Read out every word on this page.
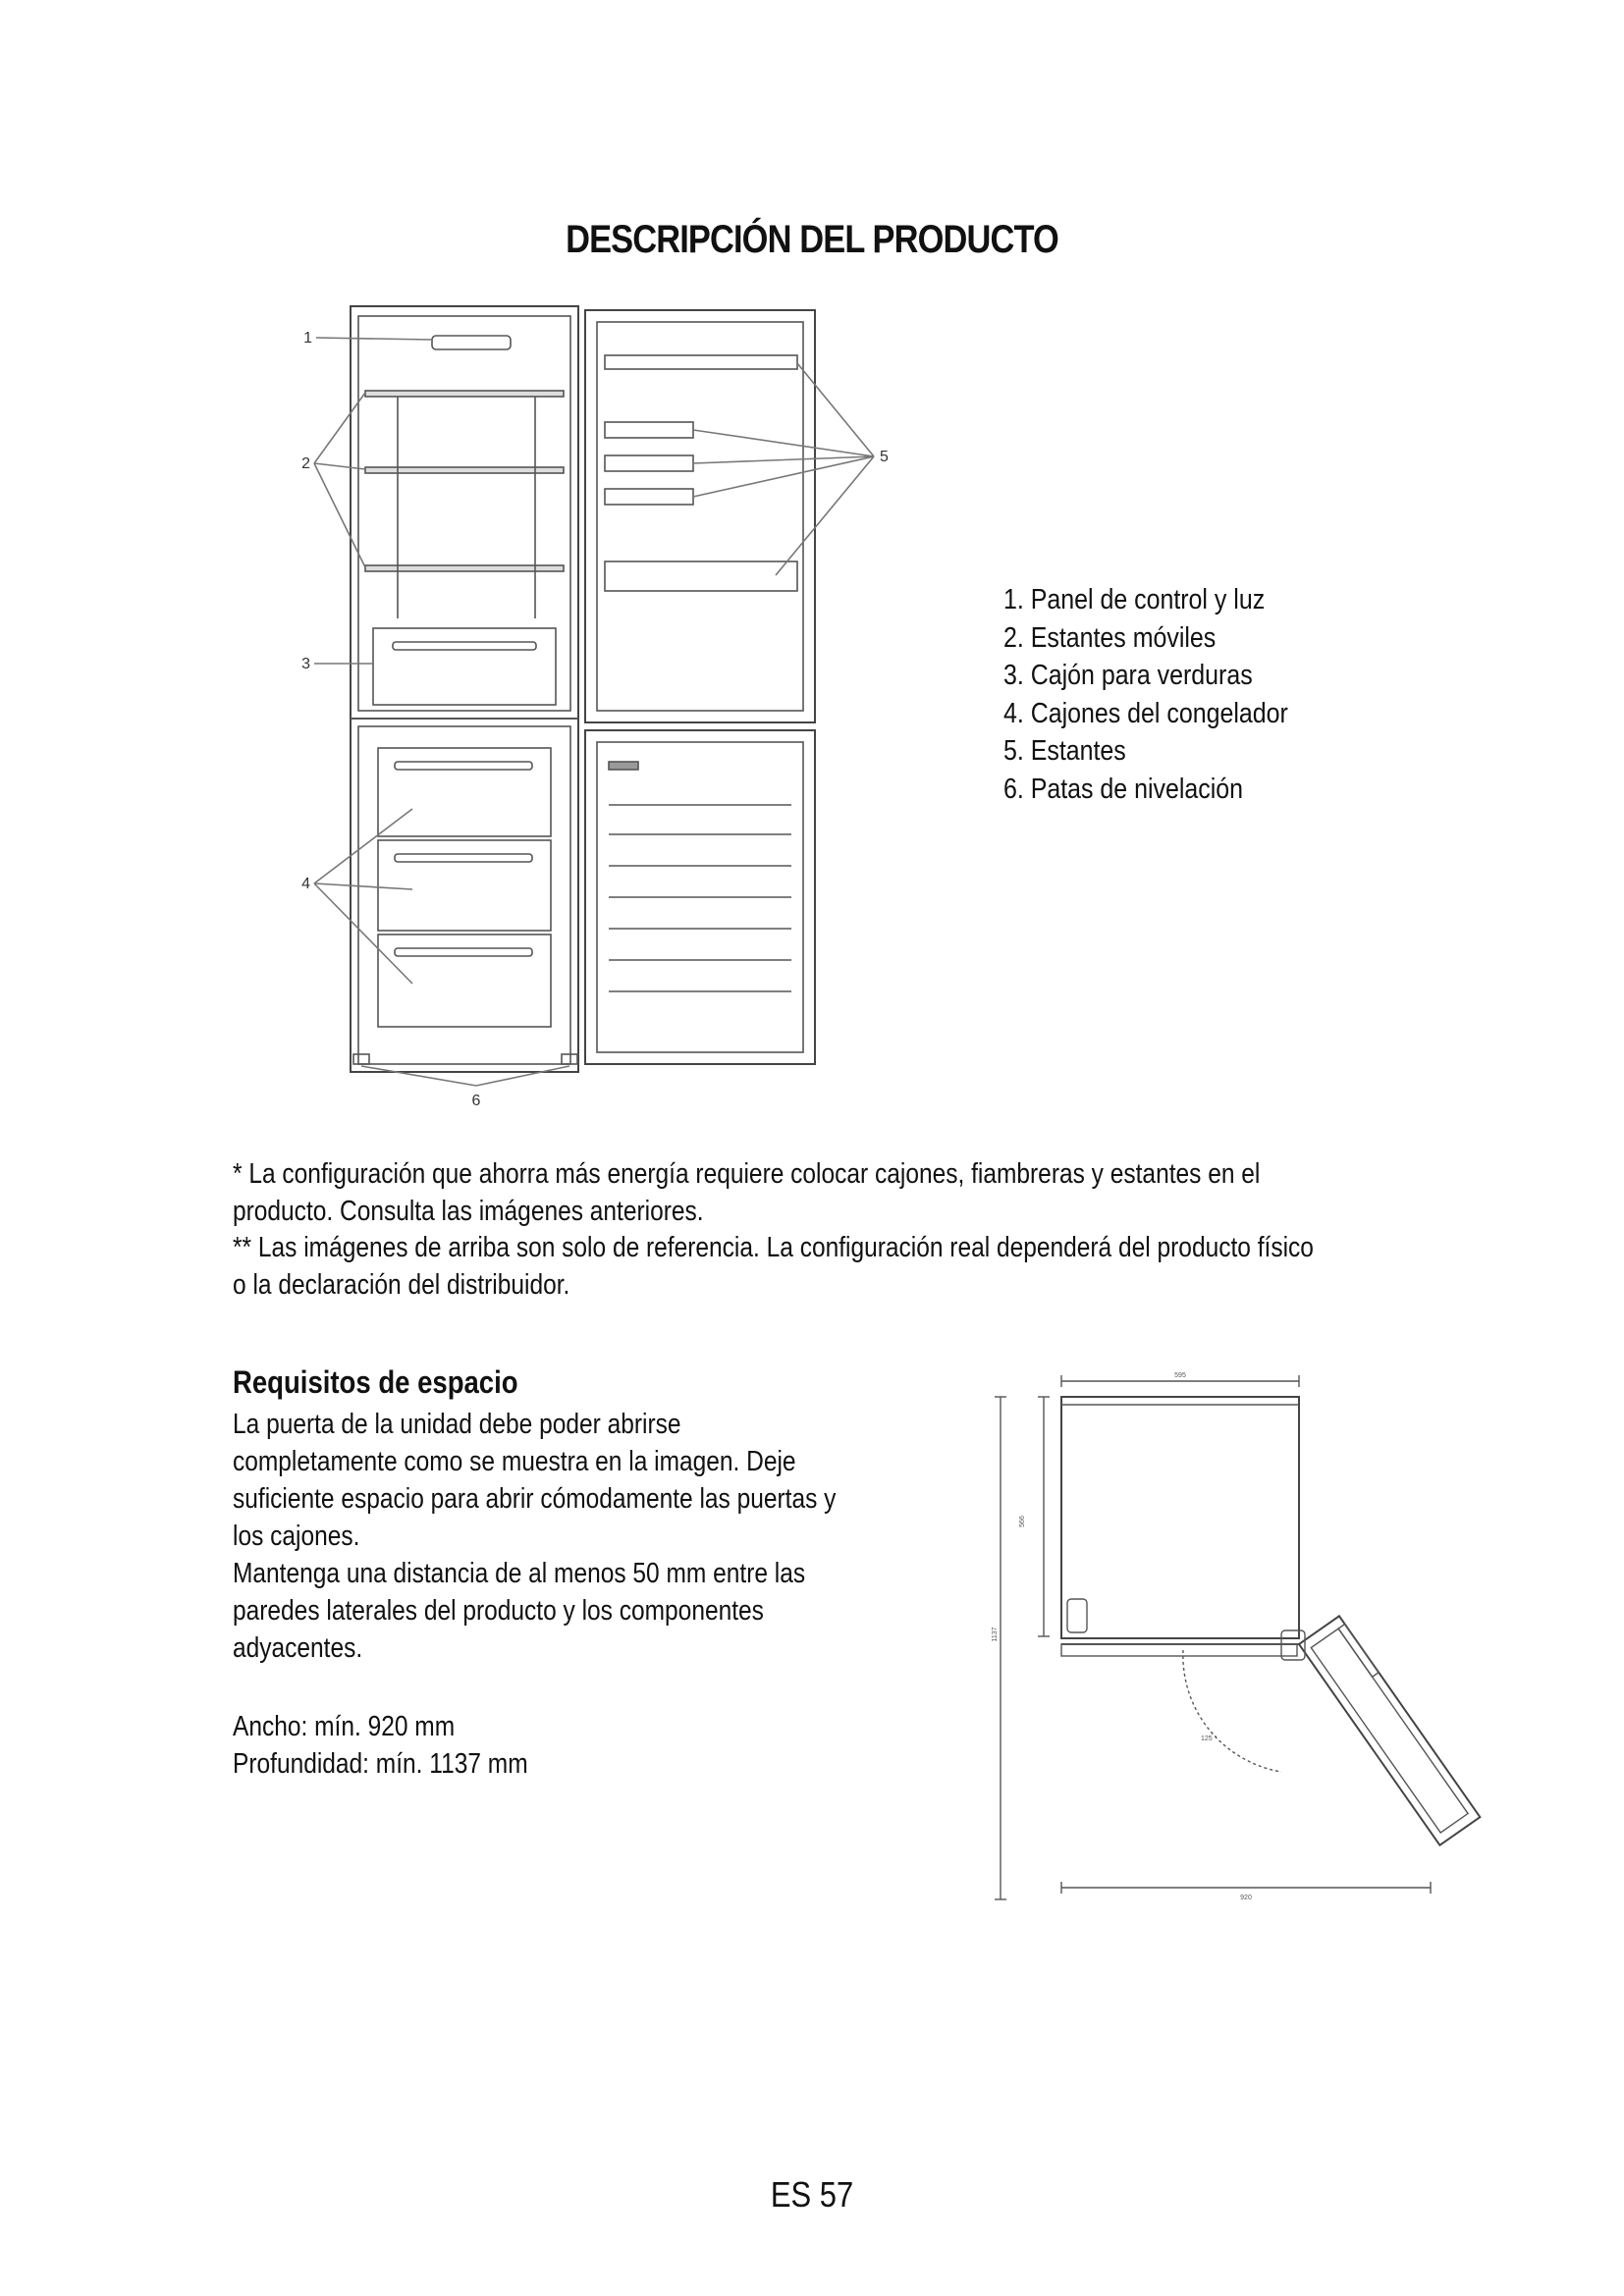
DESCRIPCIÓN DEL PRODUCTO
1
2
3
4
5
6
1. Panel de control y luz
2. Estantes móviles
3. Cajón para verduras
4. Cajones del congelador
5. Estantes
6. Patas de nivelación

* La configuración que ahorra más energía requiere colocar cajones, fiambreras y estantes en el

producto. Consulta las imágenes anteriores.

** Las imágenes de arriba son solo de referencia. La configuración real dependerá del producto físico

o la declaración del distribuidor.

Requisitos de espacio

La puerta de la unidad debe poder abrirse

completamente como se muestra en la imagen. Deje

suficiente espacio para abrir cómodamente las puertas y

los cajones.

Mantenga una distancia de al menos 50 mm entre las

paredes laterales del producto y los componentes

adyacentes.

Ancho: mín. 920 mm

Profundidad: mín. 1137 mm

595
1137
566
920
125 °
ES 57
